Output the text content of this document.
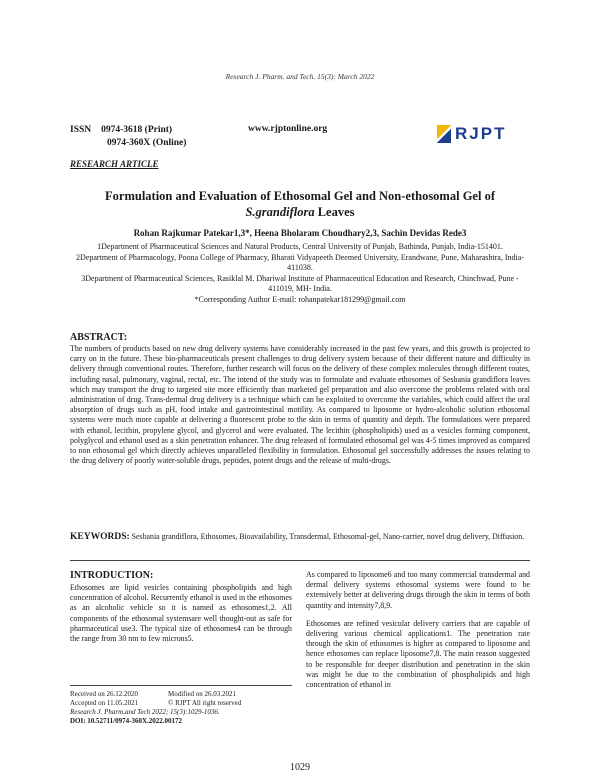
Research J. Pharm. and Tech. 15(3): March 2022
ISSN 0974-3618 (Print)
0974-360X (Online)
www.rjptonline.org	RJPT
RESEARCH ARTICLE
Formulation and Evaluation of Ethosomal Gel and Non-ethosomal Gel of
S.grandiflora Leaves
Rohan Rajkumar Patekar1,3*, Heena Bholaram Choudhary2,3, Sachin Devidas Rede3

1Department of Pharmaceutical Sciences and Natural Products, Central University of Punjab, Bathinda, Punjab, India-151401.

2Department of Pharmacology, Poona College of Pharmacy, Bharati Vidyapeeth Deemed University, Erandwane, Pune, Maharashtra, India- 411038.

3Department of Pharmaceutical Sciences, Rasiklal M. Dhariwal Institute of Pharmaceutical Education and Research, Chinchwad, Pune - 411019, MH- India.

*Corresponding Author E-mail: rohanpatekar181299@gmail.com

ABSTRACT:

The numbers of products based on new drug delivery systems have considerably increased in the past few years, and this growth is projected to carry on in the future. These bio-pharmaceuticals present challenges to drug delivery system because of their different nature and difficulty in delivery through conventional routes. Therefore, further research will focus on the delivery of these complex molecules through different routes, including nasal, pulmonary, vaginal, rectal, etc. The intend of the study was to formulate and evaluate ethosomes of Sesbania grandiflora leaves which may transport the drug to targeted site more efficiently than marketed gel preparation and also overcome the problems related with oral administration of drug. Trans-dermal drug delivery is a technique which can be exploited to overcome the variables, which could affect the oral absorption of drugs such as pH, food intake and gastrointestinal motility. As compared to liposome or hydro-alcoholic solution ethosomal systems were much more capable at delivering a fluorescent probe to the skin in terms of quantity and depth. The formulations were prepared with ethanol, lecithin, propylene glycol, and glycerol and were evaluated. The lecithin (phospholipids) used as a vesicles forming component, polyglycol and ethanol used as a skin penetration enhancer. The drug released of formulated ethosomal gel was 4-5 times improved as compared to non ethosomal gel which directly achieves unparalleled flexibility in formulation. Ethosomal gel successfully addresses the issues relating to the drug delivery of poorly water-soluble drugs, peptides, potent drugs and the release of multi-drugs.

KEYWORDS: Sesbania grandiflora, Ethosomes, Bioavailability, Transdermal, Ethosomal-gel, Nano-carrier, novel drug delivery, Diffusion.
INTRODUCTION:

Ethosomes are lipid vesicles containing phospholipids and high concentration of alcohol. Recurrently ethanol is used in the ethosomes as an alcoholic vehicle so it is named as ethosomes1,2. All components of the ethosomal systemsare well thought-out as safe for pharmaceutical use3. The typical size of ethosomes4 can be through the range from 30 nm to few microns5.

As compared to liposome6 and too many commercial transdermal and dermal delivery systems ethosomal systems were found to be extensively better at delivering drugs through the skin in terms of both quantity and intensity7,8,9.

Ethosomes are refined vesicular delivery carriers that are capable of delivering various chemical applications1. The penetration rate through the skin of ethosomes is higher as compared to liposome and hence ethosomes can replace liposome7,8. The main reason suggested to be responsible for deeper distribution and penetration in the skin was might be due to the combination of phospholipids and high concentration of ethanol in

Received on 26.12.2020	Modified on 26.03.2021
Accepted on 11.05.2021	© RJPT All right reserved
Research J. Pharm.and Tech 2022; 15(3):1029-1036.
DOI: 10.52711/0974-360X.2022.00172
1029
